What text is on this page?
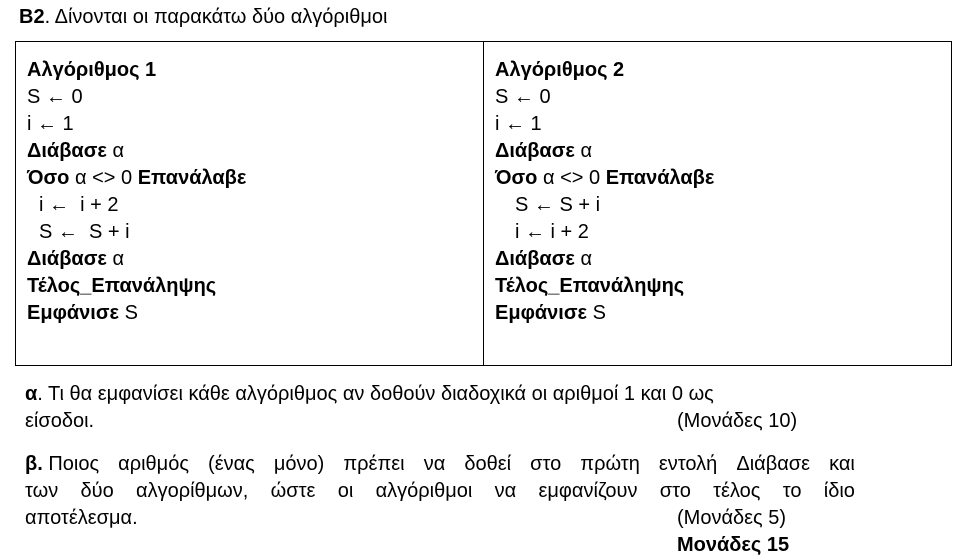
Β2. Δίνονται οι παρακάτω δύο αλγόριθμοι
Αλγόριθμος 1
S ← 0
i ← 1
Διάβασε α
Όσο α <> 0 Επανάλαβε
i ←  i + 2
S ←  S + i
Διάβασε α
Τέλος_Επανάληψης
Εμφάνισε S
Αλγόριθμος 2
S ← 0
i ← 1
Διάβασε α
Όσο α <> 0 Επανάλαβε
S ← S + i
i ← i + 2
Διάβασε α
Τέλος_Επανάληψης
Εμφάνισε S
α. Τι θα εμφανίσει κάθε αλγόριθμος αν δοθούν διαδοχικά οι αριθμοί 1 και 0 ως
είσοδοι.	(Μονάδες 10)
β. Ποιος αριθμός (ένας μόνο) πρέπει να δοθεί στο πρώτη εντολή Διάβασε και
των δύο αλγορίθμων, ώστε οι αλγόριθμοι να εμφανίζουν στο τέλος το ίδιο
αποτέλεσμα.	(Μονάδες 5)
Μονάδες 15
